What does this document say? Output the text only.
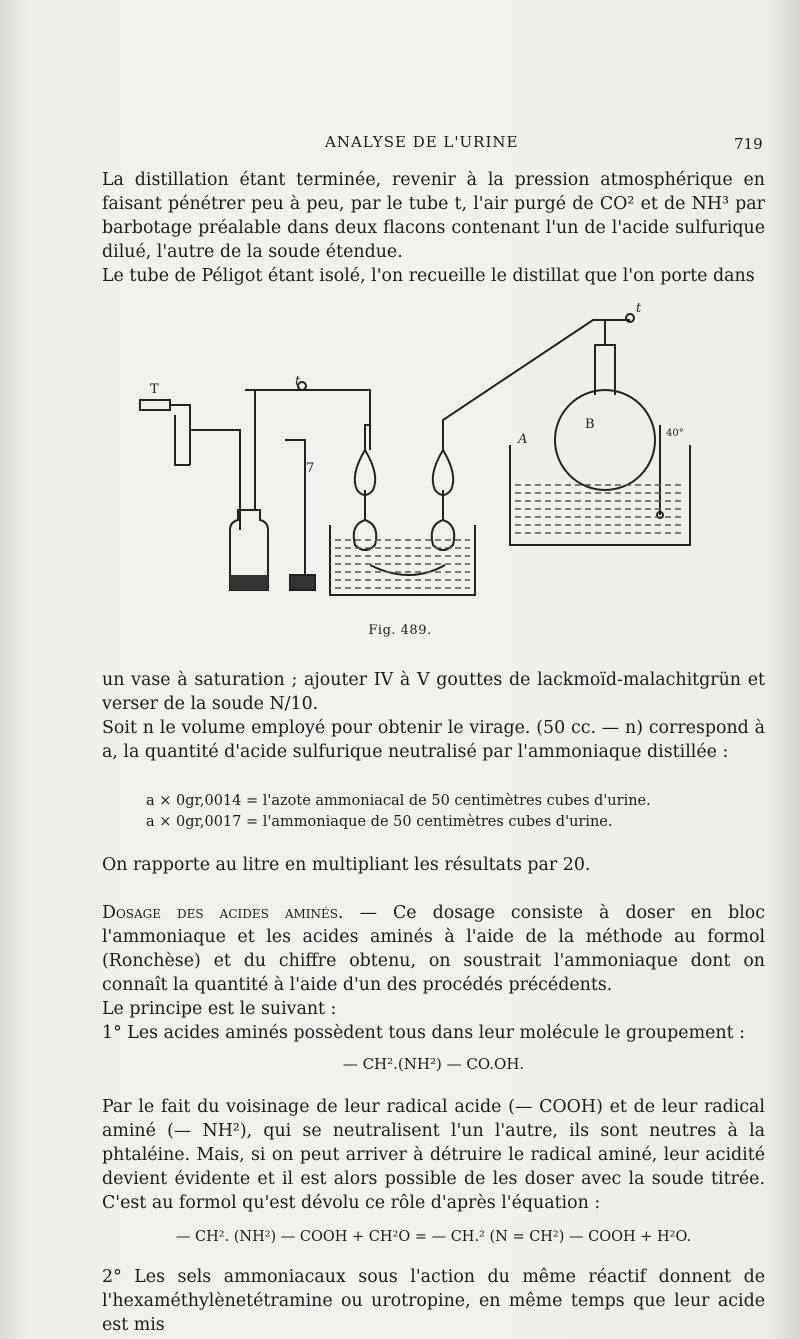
ANALYSE DE L'URINE	719

La distillation étant terminée, revenir à la pression atmosphérique en faisant pénétrer peu à peu, par le tube t, l'air purgé de CO² et de NH³ par barbotage préalable dans deux flacons contenant l'un de l'acide sulfurique dilué, l'autre de la soude étendue.

Le tube de Péligot étant isolé, l'on recueille le distillat que l'on porte dans

T
t
t
7
B
A	40°
Fig. 489.

un vase à saturation ; ajouter IV à V gouttes de lackmoïd-malachitgrün et verser de la soude N/10.

Soit n le volume employé pour obtenir le virage. (50 cc. — n) correspond à a, la quantité d'acide sulfurique neutralisé par l'ammoniaque distillée :

a × 0gr,0014 = l'azote ammoniacal de 50 centimètres cubes d'urine.
a × 0gr,0017 = l'ammoniaque de 50 centimètres cubes d'urine.

On rapporte au litre en multipliant les résultats par 20.

Dosage des acides aminés. — Ce dosage consiste à doser en bloc l'ammoniaque et les acides aminés à l'aide de la méthode au formol (Ronchèse) et du chiffre obtenu, on soustrait l'ammoniaque dont on connaît la quantité à l'aide d'un des procédés précédents.

Le principe est le suivant :

1° Les acides aminés possèdent tous dans leur molécule le groupement :

— CH².(NH²) — CO.OH.

Par le fait du voisinage de leur radical acide (— COOH) et de leur radical aminé (— NH²), qui se neutralisent l'un l'autre, ils sont neutres à la phtaléine. Mais, si on peut arriver à détruire le radical aminé, leur acidité devient évidente et il est alors possible de les doser avec la soude titrée. C'est au formol qu'est dévolu ce rôle d'après l'équation :

— CH². (NH²) — COOH + CH²O = — CH.² (N = CH²) — COOH + H²O.

2° Les sels ammoniacaux sous l'action du même réactif donnent de l'hexaméthylènetétramine ou urotropine, en même temps que leur acide est mis
